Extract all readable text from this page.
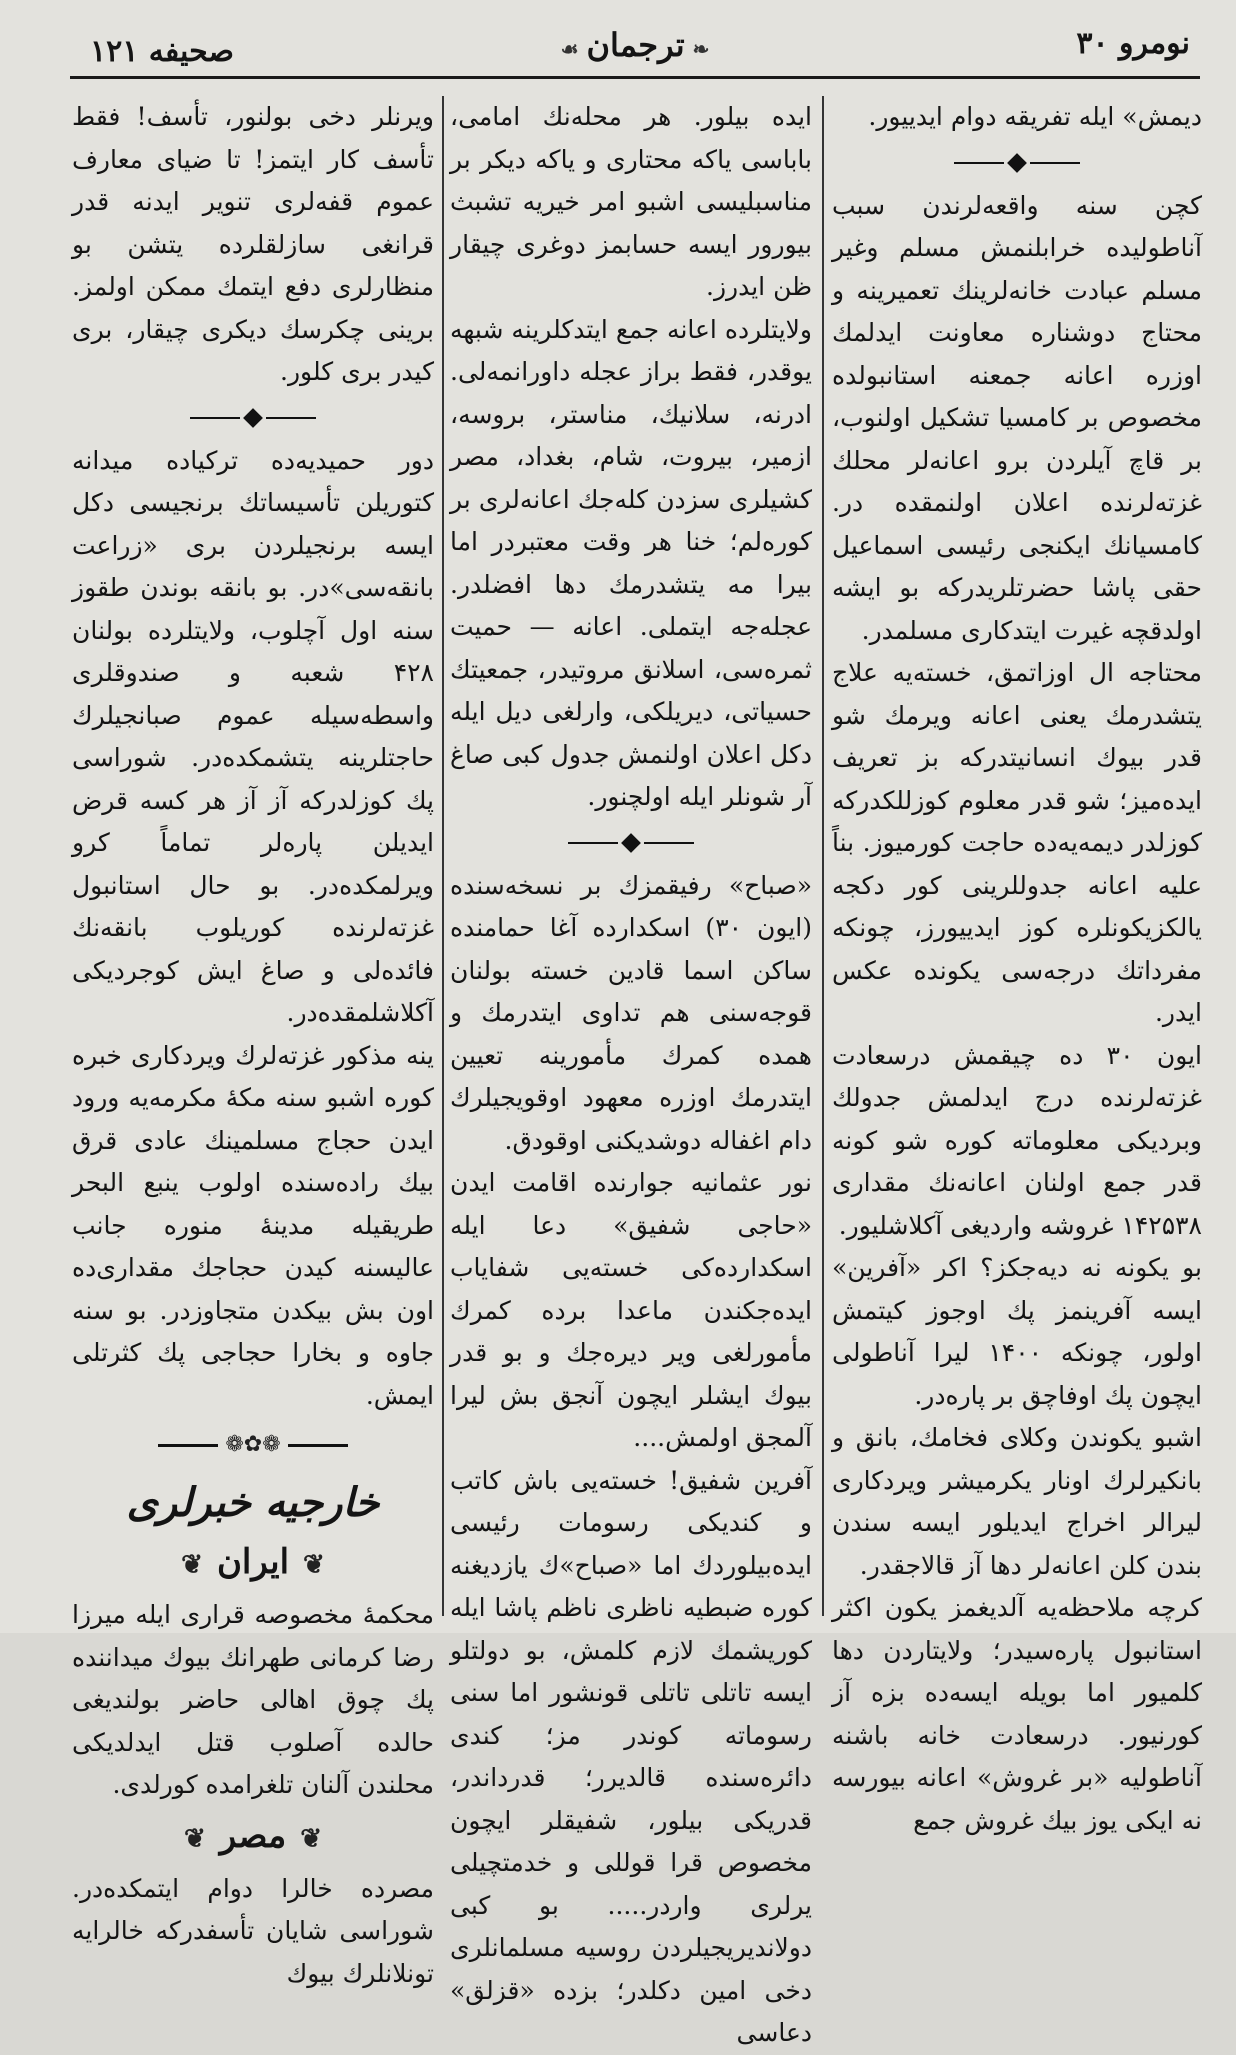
نومرو ۳۰
❧ترجمان☙
صحیفه ۱۲۱

دیمش» ایله تفریقه دوام ایدییور.

کچن سنه واقعه‌لرندن سبب آناطولیده خرابلنمش مسلم وغیر مسلم عبادت خانه‌لرینك تعمیرینه و محتاج دوشناره معاونت ایدلمك اوزره اعانه جمعنه استانبولده مخصوص بر کامسیا تشکیل اولنوب، بر قاچ آیلردن برو اعانه‌لر محلك غزته‌لرنده اعلان اولنمقده در. کامسیانك ایکنجی رئیسی اسماعیل حقی پاشا حضرتلریدرکه بو ایشه اولدقچه غیرت ایتدکاری مسلمدر.

محتاجه ال اوزاتمق، خسته‌یه علاج یتشدرمك یعنی اعانه ویرمك شو قدر بیوك انسانیتدرکه بز تعریف ایده‌میز؛ شو قدر معلوم کوزللکدرکه کوزلدر دیمه‌یه‌ده حاجت کورمیوز. بناً علیه اعانه جدوللرینی کور دکجه یالکزیکونلره کوز ایدییورز، چونکه مفرداتك درجه‌سی یکونده عکس ایدر.

ایون ۳۰ ده چیقمش درسعادت غزته‌لرنده درج ایدلمش جدولك وبردیکی معلوماته کوره شو کونه قدر جمع اولنان اعانه‌نك مقداری ۱۴۲۵۳۸ غروشه واردیغی آکلاشلیور.

بو یکونه نه دیه‌جکز؟ اکر «آفرین» ایسه آفرینمز پك اوجوز کیتمش اولور، چونکه ۱۴۰۰ لیرا آناطولی ایچون پك اوفاچق بر پاره‌در.

اشبو یکوندن وکلای فخامك، بانق و بانکیرلرك اونار یکرمیشر ویردکاری لیرالر اخراج ایدیلور ایسه سندن بندن کلن اعانه‌لر دها آز قالاجقدر.

کرچه ملاحظه‌یه آلدیغمز یکون اکثر استانبول پاره‌سیدر؛ ولایتاردن دها کلمیور اما بویله ایسه‌ده بزه آز کورنیور. درسعادت خانه باشنه آناطولیه «بر غروش» اعانه بیورسه نه ایکی یوز بیك غروش جمع

ایده بیلور. هر محله‌نك امامی، باباسی یاکه محتاری و یاکه دیکر بر مناسبلیسی اشبو امر خیریه تشبث بیورور ایسه حسابمز دوغری چیقار ظن ایدرز.

ولایتلرده اعانه جمع ایتدکلرینه شبهه یوقدر، فقط براز عجله داورانمه‌لی. ادرنه، سلانیك، مناستر، بروسه، ازمیر، بیروت، شام، بغداد، مصر کشیلری سزدن کله‌جك اعانه‌لری بر کوره‌لم؛ خنا هر وقت معتبردر اما بیرا مه یتشدرمك دها افضلدر. عجله‌جه ایتملی. اعانه — حمیت ثمره‌سی، اسلانق مروتیدر، جمعیتك حسیاتی، دیریلکی، وارلغی دیل ایله دکل اعلان اولنمش جدول کبی صاغ آر شونلر ایله اولچنور.

«صباح» رفیقمزك بر نسخه‌سنده (ایون ۳۰) اسکدارده آغا حمامنده ساکن اسما قادین خسته بولنان قوجه‌سنی هم تداوی ایتدرمك و همده کمرك مأمورینه تعیین ایتدرمك اوزره معهود اوقویجیلرك دام اغفاله دوشدیکنی اوقودق.

نور عثمانیه جوارنده اقامت ایدن «حاجی شفیق» دعا ایله اسکدارده‌کی خسته‌یی شفایاب ایده‌جکندن ماعدا برده کمرك مأمورلغی ویر دیره‌جك و بو قدر بیوك ایشلر ایچون آنجق بش لیرا آلمجق اولمش....

آفرین شفیق! خسته‌یی باش کاتب و کندیکی رسومات رئیسی ایده‌بیلوردك اما «صباح»ك یازدیغنه کوره ضبطیه ناظری ناظم پاشا ایله کوریشمك لازم کلمش، بو دولتلو ایسه تاتلی تاتلی قونشور اما سنی رسوماته کوندر مز؛ کندی دائره‌سنده قالدیرر؛ قدرداندر، قدریکی بیلور، شفیقلر ایچون مخصوص قرا قوللی و خدمتچیلی یرلری واردر..... بو کبی دولاندیریجیلردن روسیه مسلمانلری دخی امین دکلدر؛ بزده «قزلق» دعاسی

ویرنلر دخی بولنور، تأسف! فقط تأسف کار ایتمز! تا ضیای معارف عموم قفه‌لری تنویر ایدنه قدر قرانغی سازلقلرده یتشن بو منظارلری دفع ایتمك ممکن اولمز. برینی چکرسك دیکری چیقار، بری کیدر بری کلور.

دور حمیدیه‌ده ترکیاده میدانه کتوریلن تأسیساتك برنجیسی دکل ایسه برنجیلردن بری «زراعت بانقه‌سی»در. بو بانقه بوندن طقوز سنه اول آچلوب، ولایتلرده بولنان ۴۲۸ شعبه و صندوقلری واسطه‌سیله عموم صبانجیلرك حاجتلرینه یتشمکده‌در. شوراسی پك کوزلدرکه آز آز هر کسه قرض ایدیلن پاره‌لر تماماً کرو ویرلمکده‌در. بو حال استانبول غزته‌لرنده کوریلوب بانقه‌نك فائده‌لی و صاغ ایش کوجردیکی آکلاشلمقده‌در.

ینه مذکور غزته‌لرك ویردکاری خبره کوره اشبو سنه مکهٔ مکرمه‌یه ورود ایدن حجاج مسلمینك عادی قرق بیك راده‌سنده اولوب ینبع البحر طریقیله مدینهٔ منوره جانب عالیسنه کیدن حجاجك مقداری‌ده اون بش بیکدن متجاوزدر. بو سنه جاوه و بخارا حجاجی پك کثرتلی ایمش.

❁✿❁
خارجیه خبرلری
❦ایران❦

محکمهٔ مخصوصه قراری ایله میرزا رضا کرمانی طهرانك بیوك میداننده پك چوق اهالی حاضر بولندیغی حالده آصلوب قتل ایدلدیکی محلندن آلنان تلغرامده کورلدی.

❦مصر❦

مصرده خالرا دوام ایتمکده‌در. شوراسی شایان تأسفدرکه خالرایه تونلانلرك بیوك
